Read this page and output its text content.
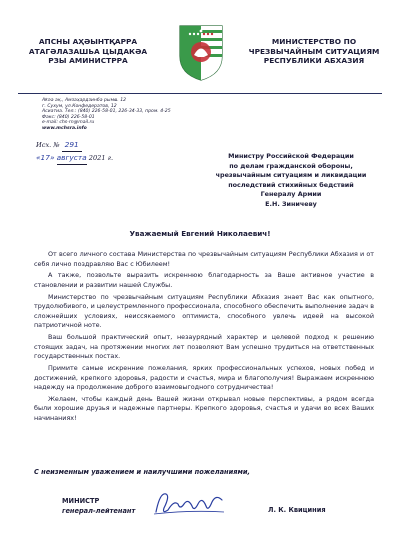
АПСНЫ АҲӘЫНТҚАРРА
АТАГӘЛАЗАШЬА ЦЫДАКӘА
РЗЫ АМИНИСТРРА
МИНИСТЕРСТВО ПО
ЧРЕЗВЫЧАЙНЫМ СИТУАЦИЯМ
РЕСПУБЛИКИ АБХАЗИЯ
Аҟәа ақ., Амзаҳардзинба рымҩ. 12
г. Сухум, ул.Конфедератов, 12
Асиатиа. Тел.: (840) 226-58-01, 226-34-33, пром. 4-25
Факс: (840) 226-58-01
e-mail: chs-rn@mail.ru
www.mchsra.info
Исх. № 291
«17» августа 2021 г.	Министру Российской Федерации
по делам гражданской обороны,
чрезвычайным ситуациям и ликвидации
последствий стихийных бедствий
Генералу Армии
Е.Н. Зиничеву
Уважаемый Евгений Николаевич!

От всего личного состава Министерства по чрезвычайным ситуациям Республики Абхазия и от себя лично поздравляю Вас с Юбилеем!

А также, позвольте выразить искреннюю благодарность за Ваше активное участие в становлении и развитии нашей Службы.

Министерство по чрезвычайным ситуациям Республики Абхазия знает Вас как опытного, трудолюбивого, и целеустремленного профессионала, способного обеспечить выполнение задач в сложнейших условиях, неиссякаемого оптимиста, способного увлечь идеей на высокой патриотичной ноте.

Ваш большой практический опыт, незаурядный характер и целевой подход к решению стоящих задач, на протяжении многих лет позволяют Вам успешно трудиться на ответственных государственных постах.

Примите самые искренние пожелания, ярких профессиональных успехов, новых побед и достижений, крепкого здоровья, радости и счастья, мира и благополучия! Выражаем искреннюю надежду на продолжение доброго взаимовыгодного сотрудничества!

Желаем, чтобы каждый день Вашей жизни открывал новые перспективы, а рядом всегда были хорошие друзья и надежные партнеры. Крепкого здоровья, счастья и удачи во всех Ваших начинаниях!

С неизменным уважением и наилучшими пожеланиями,
МИНИСТР
генерал-лейтенант	Л. К. Квициния
